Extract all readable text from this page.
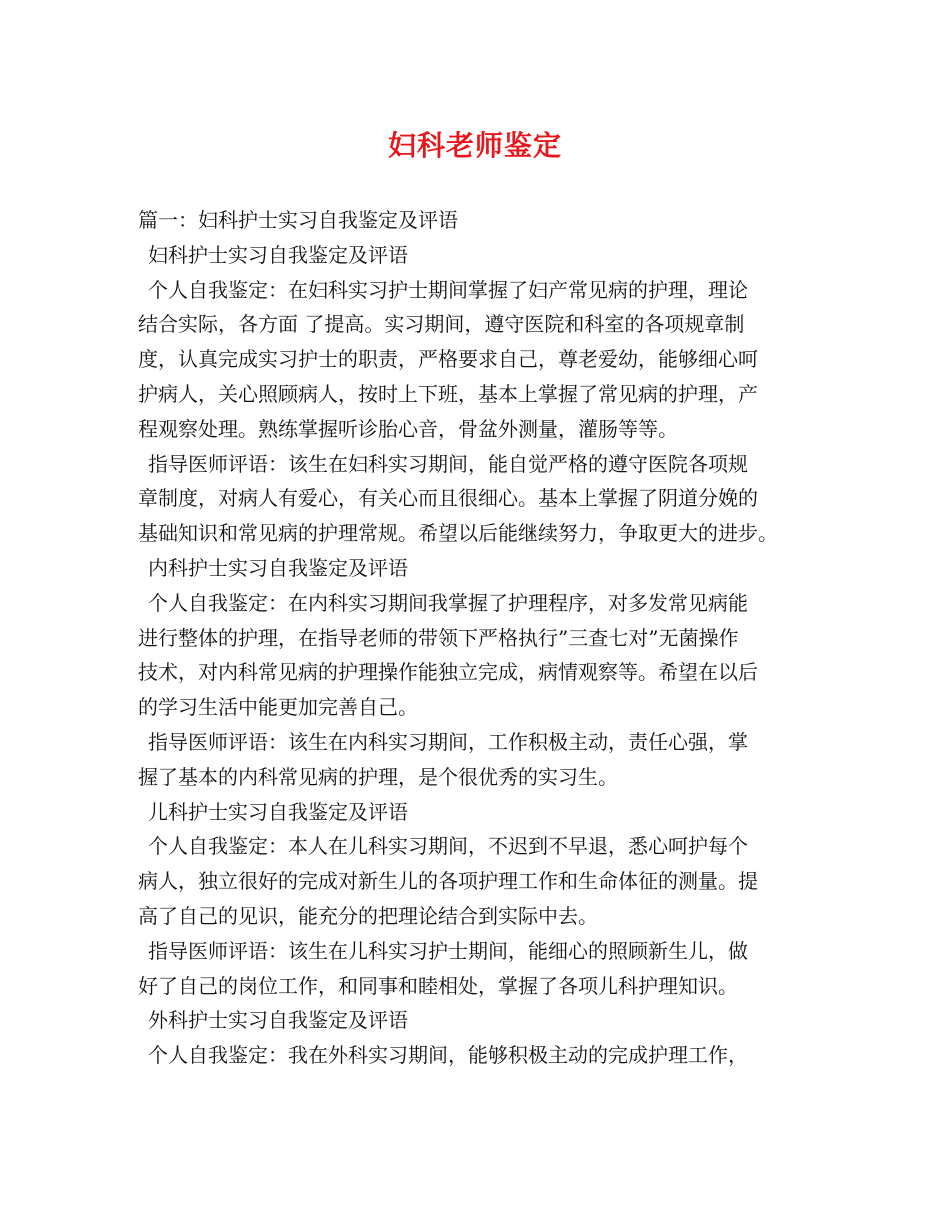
妇科老师鉴定
篇一：妇科护士实习自我鉴定及评语
妇科护士实习自我鉴定及评语
个人自我鉴定：在妇科实习护士期间掌握了妇产常见病的护理，理论
结合实际，各方面 了提高。实习期间，遵守医院和科室的各项规章制
度，认真完成实习护士的职责，严格要求自己，尊老爱幼，能够细心呵
护病人，关心照顾病人，按时上下班，基本上掌握了常见病的护理，产
程观察处理。熟练掌握听诊胎心音，骨盆外测量，灌肠等等。
指导医师评语：该生在妇科实习期间，能自觉严格的遵守医院各项规
章制度，对病人有爱心，有关心而且很细心。基本上掌握了阴道分娩的
基础知识和常见病的护理常规。希望以后能继续努力，争取更大的进步。
内科护士实习自我鉴定及评语
个人自我鉴定：在内科实习期间我掌握了护理程序，对多发常见病能
进行整体的护理，在指导老师的带领下严格执行”三查七对”无菌操作
技术，对内科常见病的护理操作能独立完成，病情观察等。希望在以后
的学习生活中能更加完善自己。
指导医师评语：该生在内科实习期间，工作积极主动，责任心强，掌
握了基本的内科常见病的护理，是个很优秀的实习生。
儿科护士实习自我鉴定及评语
个人自我鉴定：本人在儿科实习期间，不迟到不早退，悉心呵护每个
病人，独立很好的完成对新生儿的各项护理工作和生命体征的测量。提
高了自己的见识，能充分的把理论结合到实际中去。
指导医师评语：该生在儿科实习护士期间，能细心的照顾新生儿，做
好了自己的岗位工作，和同事和睦相处，掌握了各项儿科护理知识。
外科护士实习自我鉴定及评语
个人自我鉴定：我在外科实习期间，能够积极主动的完成护理工作，
